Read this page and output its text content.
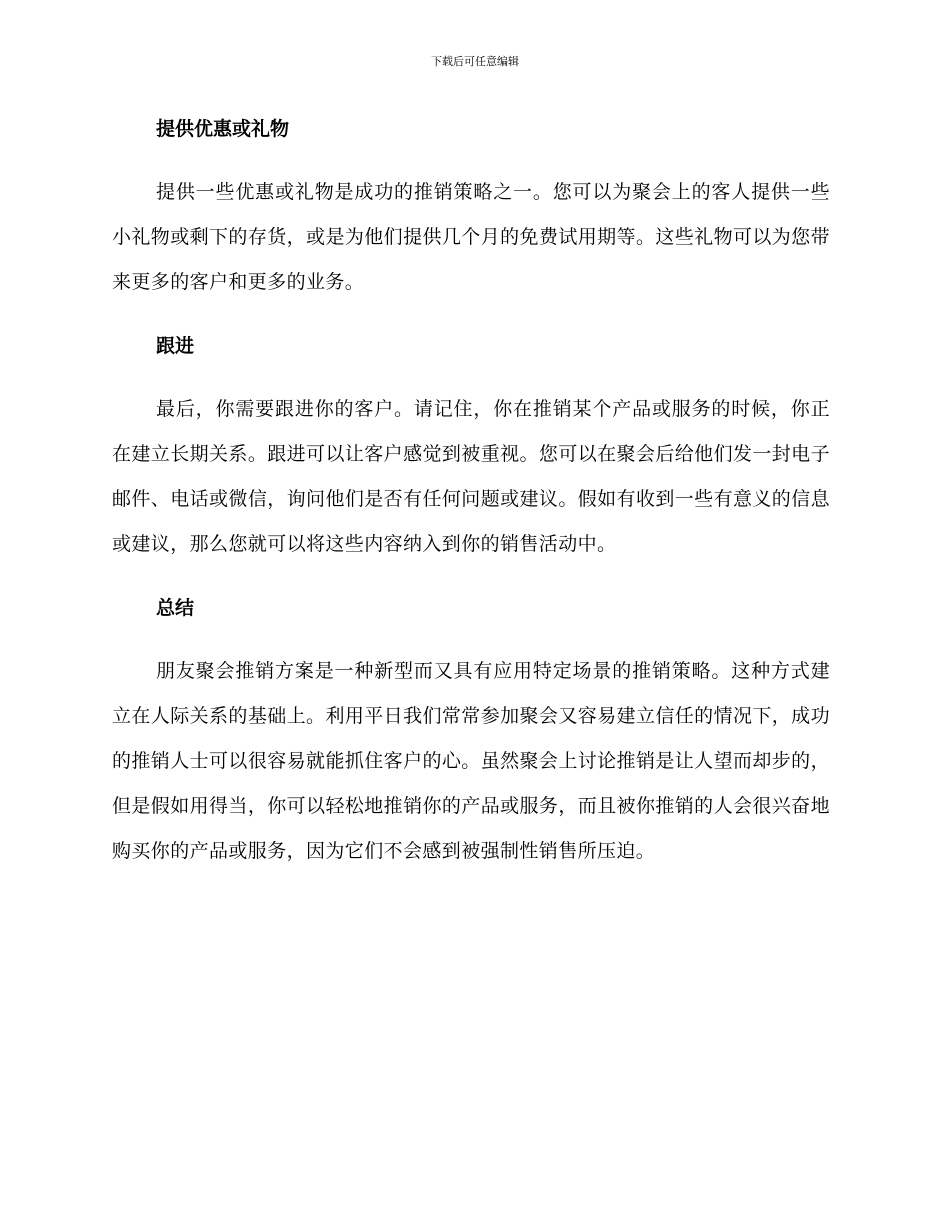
下载后可任意编辑
提供优惠或礼物

提供一些优惠或礼物是成功的推销策略之一。您可以为聚会上的客人提供一些小礼物或剩下的存货，或是为他们提供几个月的免费试用期等。这些礼物可以为您带来更多的客户和更多的业务。

跟进

最后，你需要跟进你的客户。请记住，你在推销某个产品或服务的时候，你正在建立长期关系。跟进可以让客户感觉到被重视。您可以在聚会后给他们发一封电子邮件、电话或微信，询问他们是否有任何问题或建议。假如有收到一些有意义的信息或建议，那么您就可以将这些内容纳入到你的销售活动中。

总结

朋友聚会推销方案是一种新型而又具有应用特定场景的推销策略。这种方式建立在人际关系的基础上。利用平日我们常常参加聚会又容易建立信任的情况下，成功的推销人士可以很容易就能抓住客户的心。虽然聚会上讨论推销是让人望而却步的，但是假如用得当，你可以轻松地推销你的产品或服务，而且被你推销的人会很兴奋地购买你的产品或服务，因为它们不会感到被强制性销售所压迫。
